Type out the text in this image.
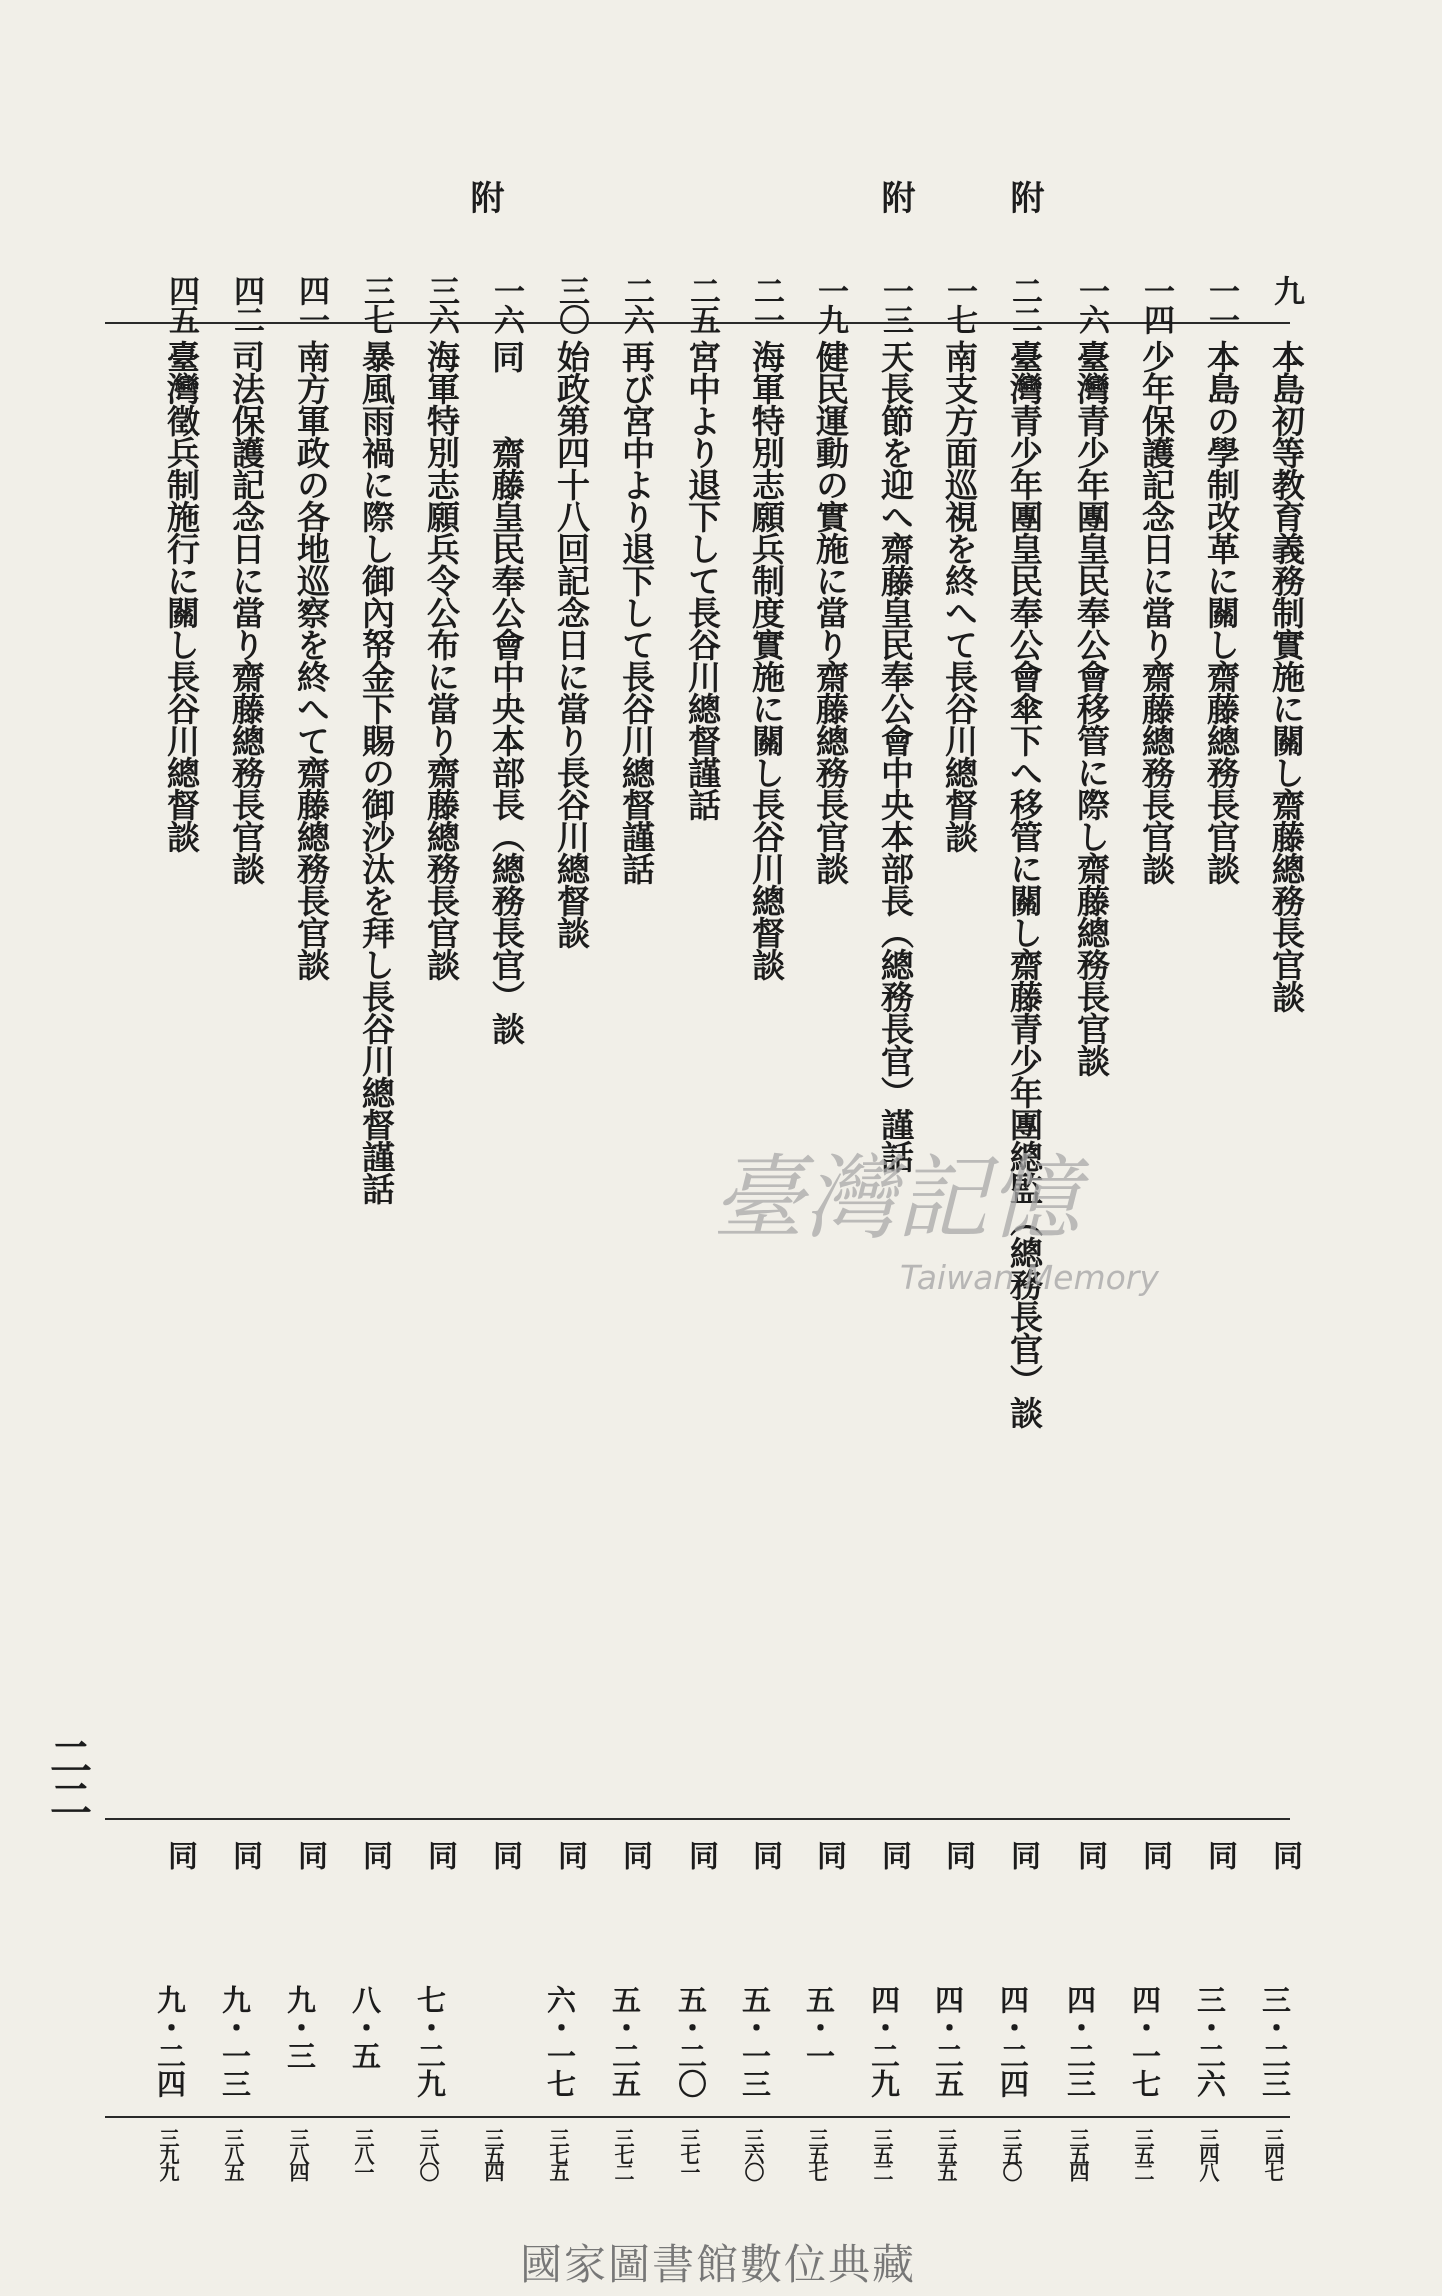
二二
附
附
附
九
本島初等教育義務制實施に關し齋藤總務長官談
同
三・二三
三四七
一一
本島の學制改革に關し齋藤總務長官談
同
三・二六
三四八
一四
少年保護記念日に當り齋藤總務長官談
同
四・一七
三五二
一六
臺灣青少年團皇民奉公會移管に際し齋藤總務長官談
同
四・二三
三五四
二二
臺灣青少年團皇民奉公會傘下へ移管に關し齋藤青少年團總監（總務長官）談
同
四・二四
三五〇
一七
南支方面巡視を終へて長谷川總督談
同
四・二五
三五五
一三
天長節を迎へ齋藤皇民奉公會中央本部長（總務長官）謹話
同
四・二九
三五二
一九
健民運動の實施に當り齋藤總務長官談
同
五・一
三五七
二一
海軍特別志願兵制度實施に關し長谷川總督談
同
五・一三
三六〇
二五
宮中より退下して長谷川總督謹話
同
五・二〇
三七一
二六
再び宮中より退下して長谷川總督謹話
同
五・二五
三七二
三〇
始政第四十八回記念日に當り長谷川總督談
同
六・一七
三七五
一六
同　　齋藤皇民奉公會中央本部長（總務長官）談
同
三五四
三六
海軍特別志願兵令公布に當り齋藤總務長官談
同
七・二九
三八〇
三七
暴風雨禍に際し御內帑金下賜の御沙汰を拜し長谷川總督謹話
同
八・五
三八一
四一
南方軍政の各地巡察を終へて齋藤總務長官談
同
九・三
三八四
四二
司法保護記念日に當り齋藤總務長官談
同
九・一三
三八五
四五
臺灣徵兵制施行に關し長谷川總督談
同
九・二四
三九九
臺灣記憶
Taiwan Memory
國家圖書館數位典藏
